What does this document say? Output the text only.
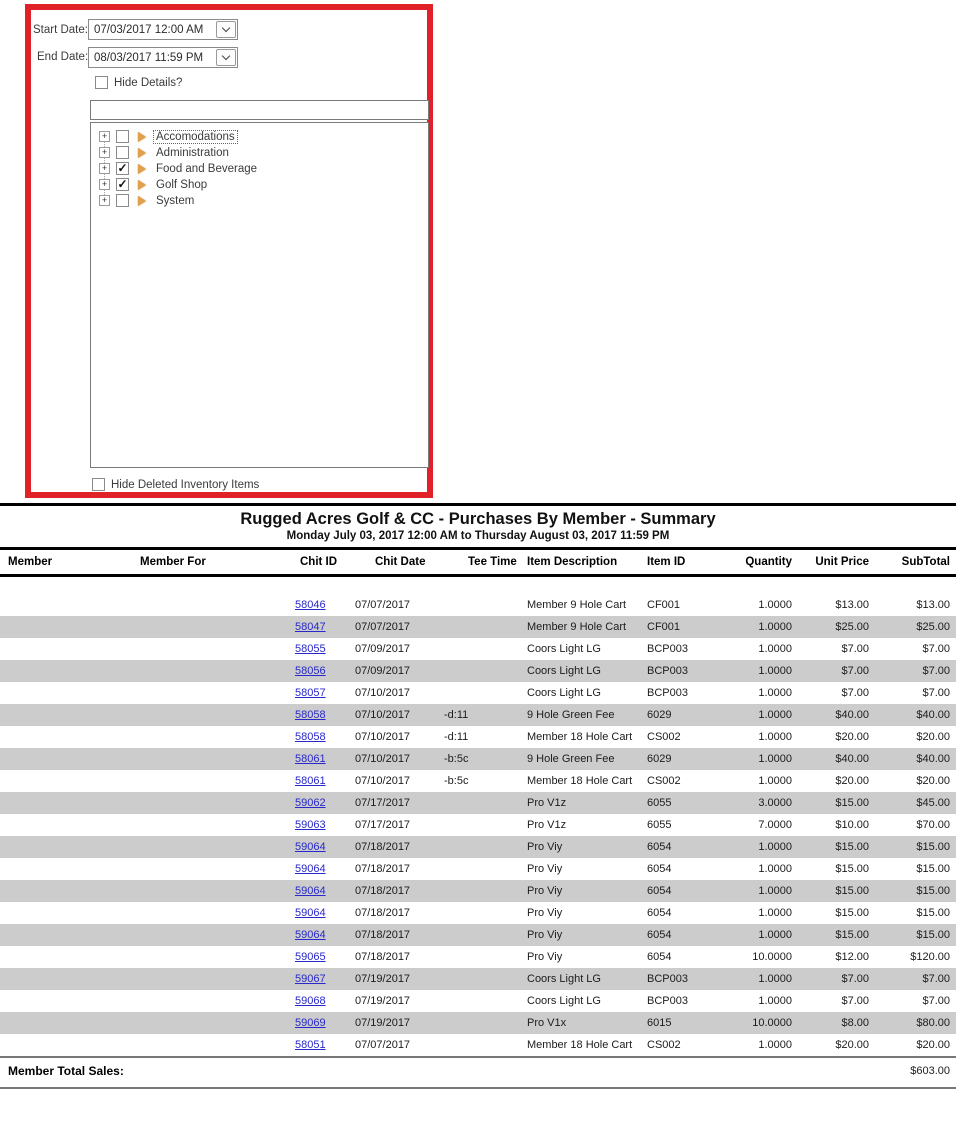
Start Date: 07/03/2017 12:00 AM
End Date: 08/03/2017 11:59 PM
Hide Details?
+	Accomodations
+	Administration
+ ✓ Food and Beverage
+ ✓ Golf Shop
+	System
Hide Deleted Inventory Items
Rugged Acres Golf & CC - Purchases By Member - Summary
Monday July 03, 2017 12:00 AM to Thursday August 03, 2017 11:59 PM
Member	Member For	Chit ID	Chit Date	Tee Time	Item Description	Item ID	Quantity	Unit Price	SubTotal

		58046	07/07/2017		Member 9 Hole Cart	CF001	1.0000	$13.00	$13.00
		58047	07/07/2017		Member 9 Hole Cart	CF001	1.0000	$25.00	$25.00
		58055	07/09/2017		Coors Light LG	BCP003	1.0000	$7.00	$7.00
		58056	07/09/2017		Coors Light LG	BCP003	1.0000	$7.00	$7.00
		58057	07/10/2017		Coors Light LG	BCP003	1.0000	$7.00	$7.00
		58058	07/10/2017	-d:11	9 Hole Green Fee	6029	1.0000	$40.00	$40.00
		58058	07/10/2017	-d:11	Member 18 Hole Cart	CS002	1.0000	$20.00	$20.00
		58061	07/10/2017	-b:5c	9 Hole Green Fee	6029	1.0000	$40.00	$40.00
		58061	07/10/2017	-b:5c	Member 18 Hole Cart	CS002	1.0000	$20.00	$20.00
		59062	07/17/2017		Pro V1z	6055	3.0000	$15.00	$45.00
		59063	07/17/2017		Pro V1z	6055	7.0000	$10.00	$70.00
		59064	07/18/2017		Pro Viy	6054	1.0000	$15.00	$15.00
		59064	07/18/2017		Pro Viy	6054	1.0000	$15.00	$15.00
		59064	07/18/2017		Pro Viy	6054	1.0000	$15.00	$15.00
		59064	07/18/2017		Pro Viy	6054	1.0000	$15.00	$15.00
		59064	07/18/2017		Pro Viy	6054	1.0000	$15.00	$15.00
		59065	07/18/2017		Pro Viy	6054	10.0000	$12.00	$120.00
		59067	07/19/2017		Coors Light LG	BCP003	1.0000	$7.00	$7.00
		59068	07/19/2017		Coors Light LG	BCP003	1.0000	$7.00	$7.00
		59069	07/19/2017		Pro V1x	6015	10.0000	$8.00	$80.00
		58051	07/07/2017		Member 18 Hole Cart	CS002	1.0000	$20.00	$20.00
Member Total Sales:									$603.00
